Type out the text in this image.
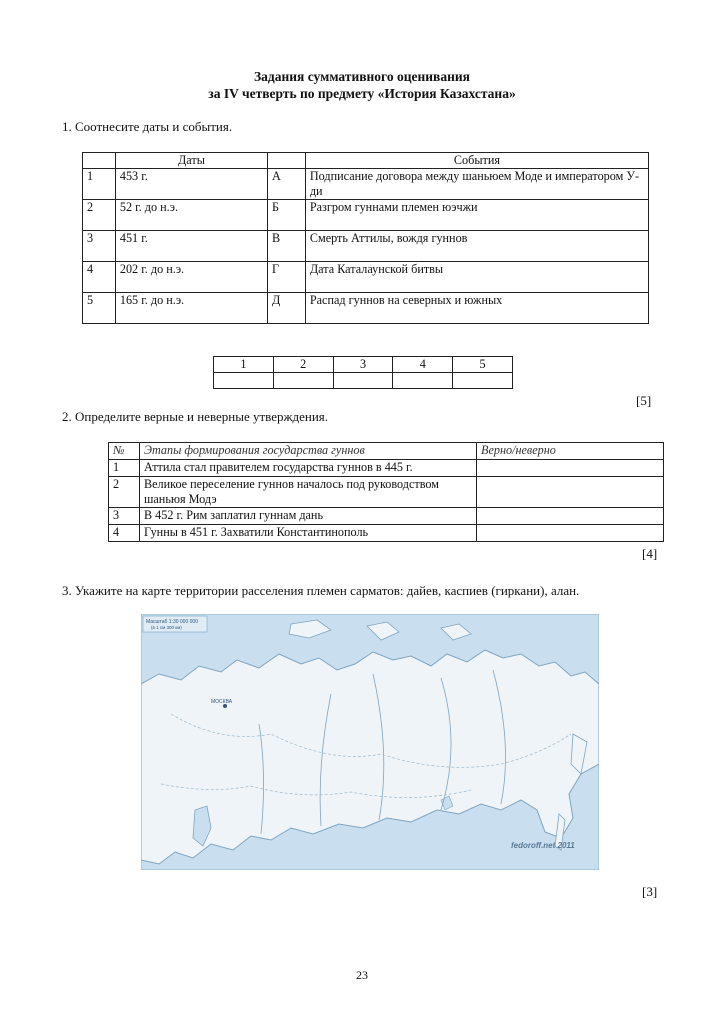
Задания суммативного оценивания
за IV четверть по предмету «История Казахстана»
1. Соотнесите даты и события.
	Даты		События
1	453 г.	А	Подписание договора между шаньюем Моде и императором У-ди
2	52 г. до н.э.	Б	Разгром гуннами племен юэчжи
3	451 г.	В	Смерть Аттилы, вождя гуннов
4	202 г. до н.э.	Г	Дата Каталаунской битвы
5	165 г. до н.э.	Д	Распад гуннов на северных и южных
1	2	3	4	5

[5]
2. Определите верные и неверные утверждения.
№	Этапы формирования государства гуннов	Верно/неверно
1	Аттила стал правителем государства гуннов в 445 г.	
2	Великое переселение гуннов началось под руководством шаньюя Модэ	
3	В 452 г. Рим заплатил гуннам дань	
4	Гунны в 451 г. Захватили Константинополь	
[4]
3. Укажите на карте территории расселения племен сарматов: дайев, каспиев (гиркани), алан.
Масштаб 1:30 000 000
(в 1 см 300 км)
МОСКВА
fedoroff.net 2011
[3]
23
